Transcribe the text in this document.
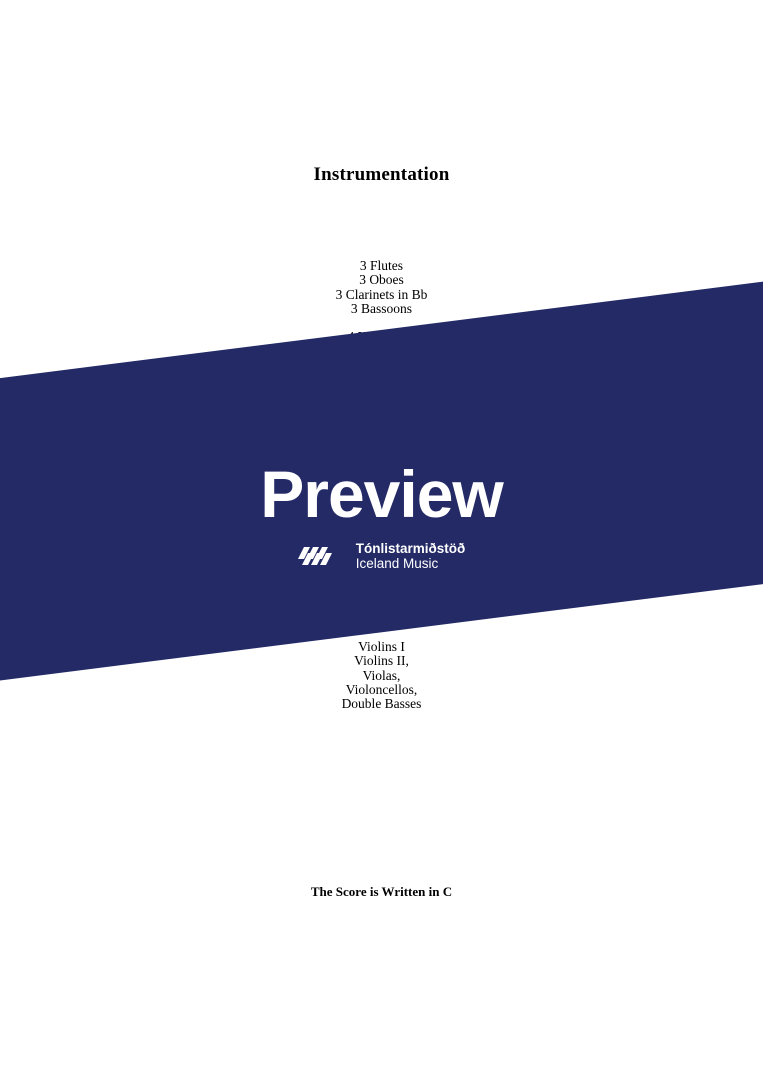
Instrumentation
3 Flutes
3 Oboes
3 Clarinets in Bb
3 Bassoons
Violins I
Violins II,
Violas,
Violoncellos,
Double Basses
The Score is Written in C
Preview
Tónlistarmiðstöð
Iceland Music
